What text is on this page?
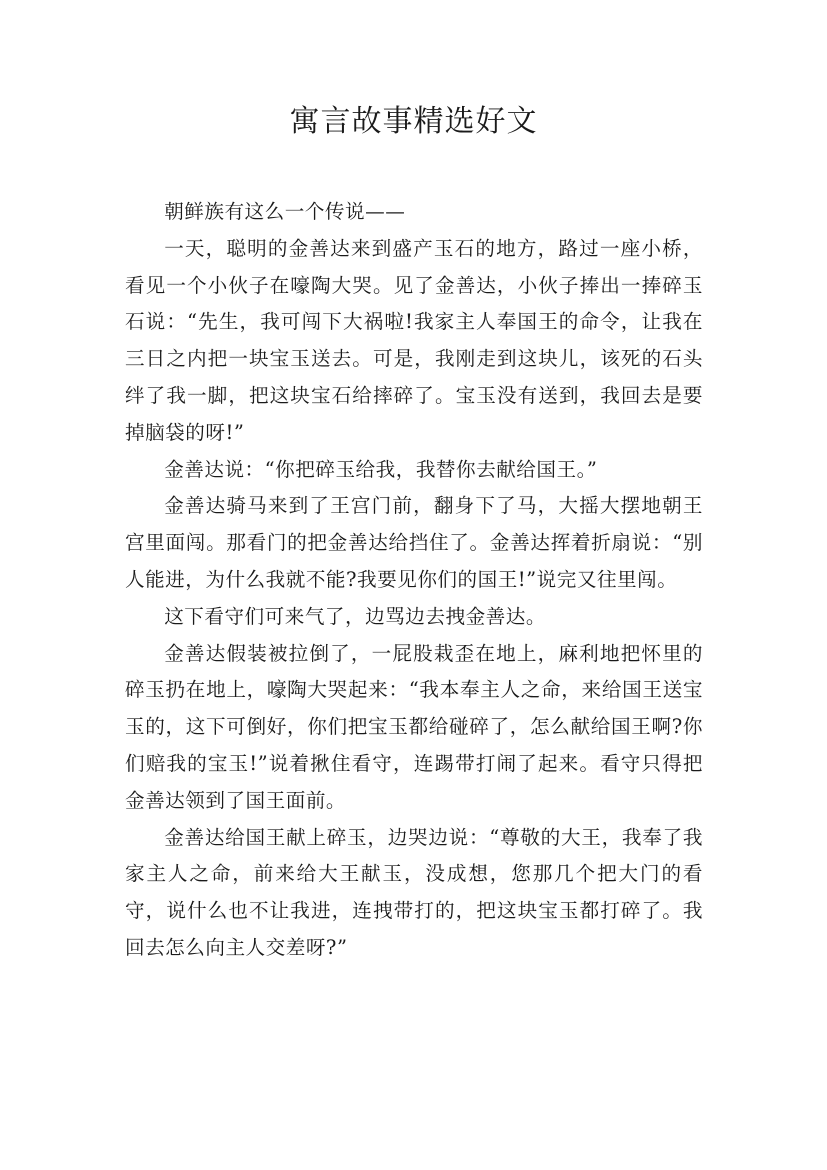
寓言故事精选好文

朝鲜族有这么一个传说——

一天，聪明的金善达来到盛产玉石的地方，路过一座小桥，看见一个小伙子在嚎陶大哭。见了金善达，小伙子捧出一捧碎玉石说：“先生，我可闯下大祸啦!我家主人奉国王的命令，让我在三日之内把一块宝玉送去。可是，我刚走到这块儿，该死的石头绊了我一脚，把这块宝石给摔碎了。宝玉没有送到，我回去是要掉脑袋的呀!”

金善达说：“你把碎玉给我，我替你去献给国王。”

金善达骑马来到了王宫门前，翻身下了马，大摇大摆地朝王宫里面闯。那看门的把金善达给挡住了。金善达挥着折扇说：“别人能进，为什么我就不能?我要见你们的国王!”说完又往里闯。

这下看守们可来气了，边骂边去拽金善达。

金善达假装被拉倒了，一屁股栽歪在地上，麻利地把怀里的碎玉扔在地上，嚎陶大哭起来：“我本奉主人之命，来给国王送宝玉的，这下可倒好，你们把宝玉都给碰碎了，怎么献给国王啊?你们赔我的宝玉!”说着揪住看守，连踢带打闹了起来。看守只得把金善达领到了国王面前。

金善达给国王献上碎玉，边哭边说：“尊敬的大王，我奉了我家主人之命，前来给大王献玉，没成想，您那几个把大门的看守，说什么也不让我进，连拽带打的，把这块宝玉都打碎了。我回去怎么向主人交差呀?”
